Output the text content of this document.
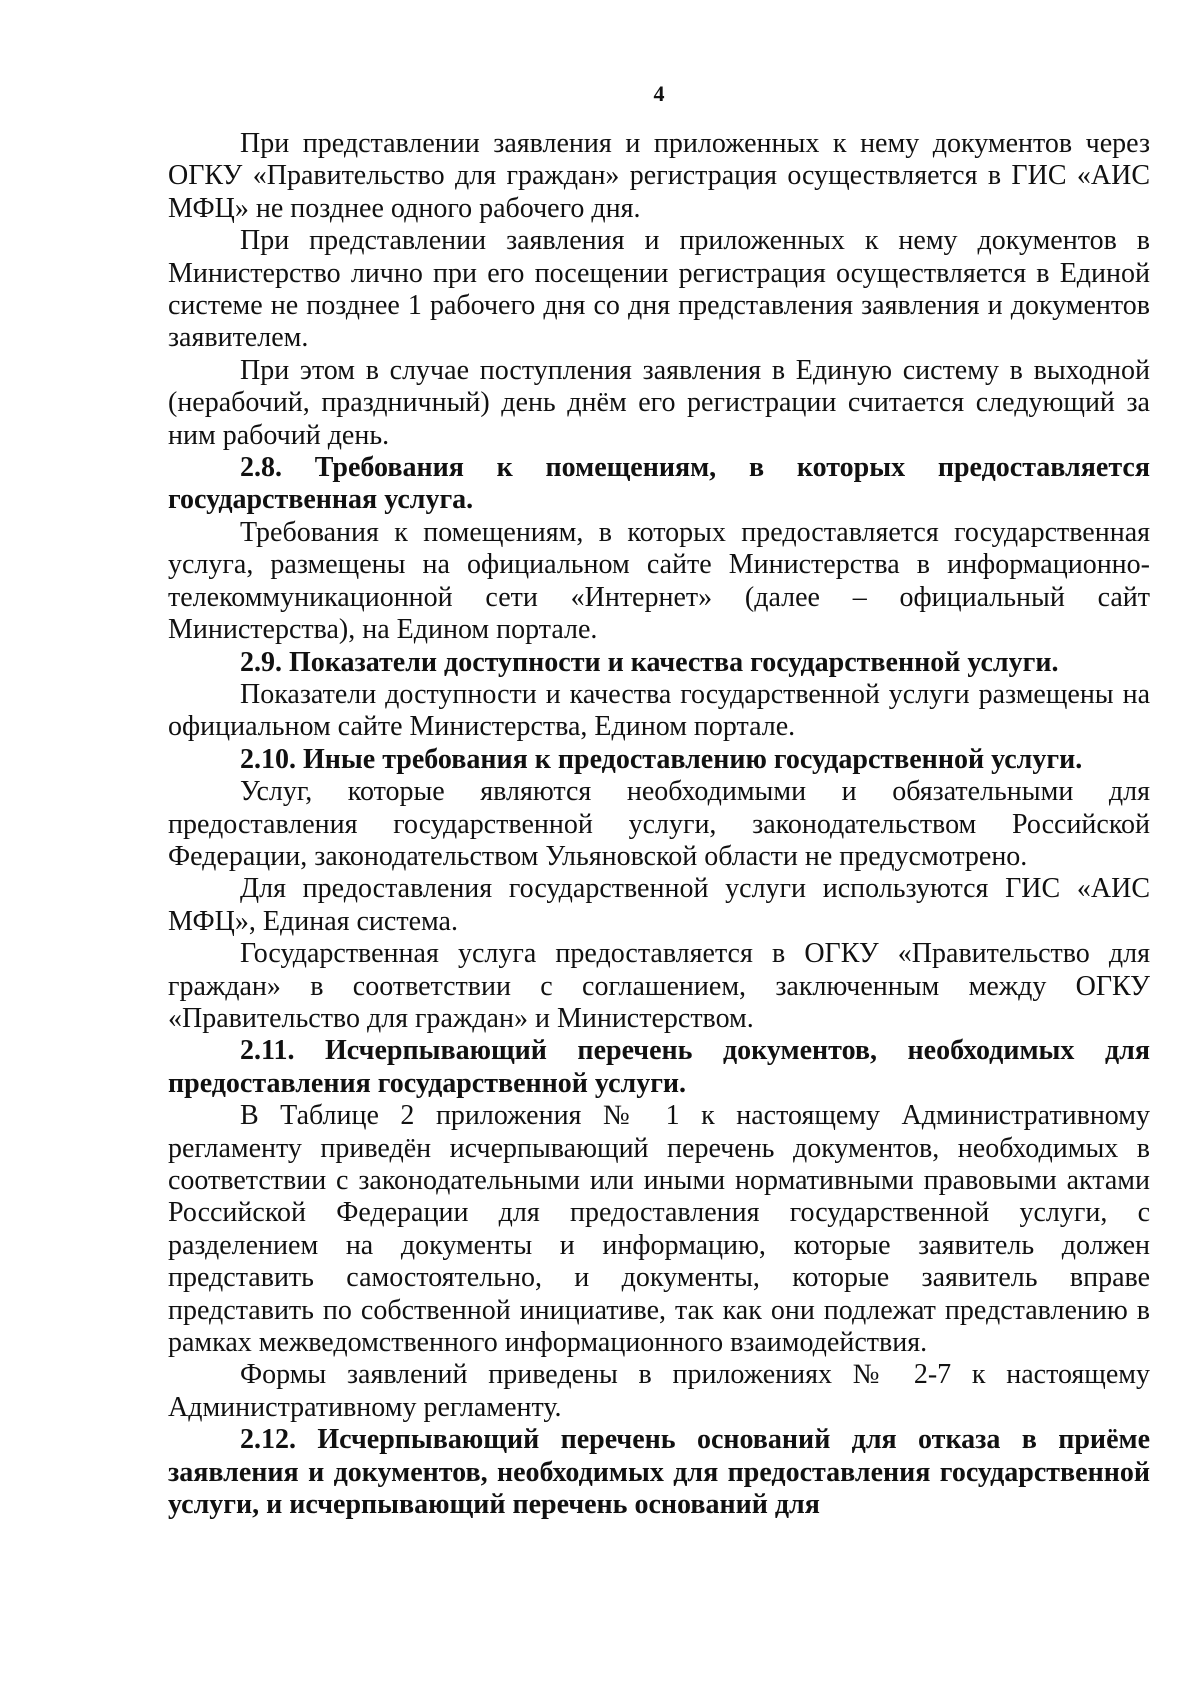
4

При представлении заявления и приложенных к нему документов через ОГКУ «Правительство для граждан» регистрация осуществляется в ГИС «АИС МФЦ» не позднее одного рабочего дня.

При представлении заявления и приложенных к нему документов в Министерство лично при его посещении регистрация осуществляется в Единой системе не позднее 1 рабочего дня со дня представления заявления и документов заявителем.

При этом в случае поступления заявления в Единую систему в выходной (нерабочий, праздничный) день днём его регистрации считается следующий за ним рабочий день.

2.8. Требования к помещениям, в которых предоставляется государственная услуга.

Требования к помещениям, в которых предоставляется государственная услуга, размещены на официальном сайте Министерства в информационно-телекоммуникационной сети «Интернет» (далее – официальный сайт Министерства), на Едином портале.

2.9. Показатели доступности и качества государственной услуги.

Показатели доступности и качества государственной услуги размещены на официальном сайте Министерства, Едином портале.

2.10. Иные требования к предоставлению государственной услуги.

Услуг, которые являются необходимыми и обязательными для предоставления государственной услуги, законодательством Российской Федерации, законодательством Ульяновской области не предусмотрено.

Для предоставления государственной услуги используются ГИС «АИС МФЦ», Единая система.

Государственная услуга предоставляется в ОГКУ «Правительство для граждан» в соответствии с соглашением, заключенным между ОГКУ «Правительство для граждан» и Министерством.

2.11. Исчерпывающий перечень документов, необходимых для предоставления государственной услуги.

В Таблице 2 приложения № 1 к настоящему Административному регламенту приведён исчерпывающий перечень документов, необходимых в соответствии с законодательными или иными нормативными правовыми актами Российской Федерации для предоставления государственной услуги, с разделением на документы и информацию, которые заявитель должен представить самостоятельно, и документы, которые заявитель вправе представить по собственной инициативе, так как они подлежат представлению в рамках межведомственного информационного взаимодействия.

Формы заявлений приведены в приложениях № 2-7 к настоящему Административному регламенту.

2.12. Исчерпывающий перечень оснований для отказа в приёме заявления и документов, необходимых для предоставления государственной услуги, и исчерпывающий перечень оснований для
